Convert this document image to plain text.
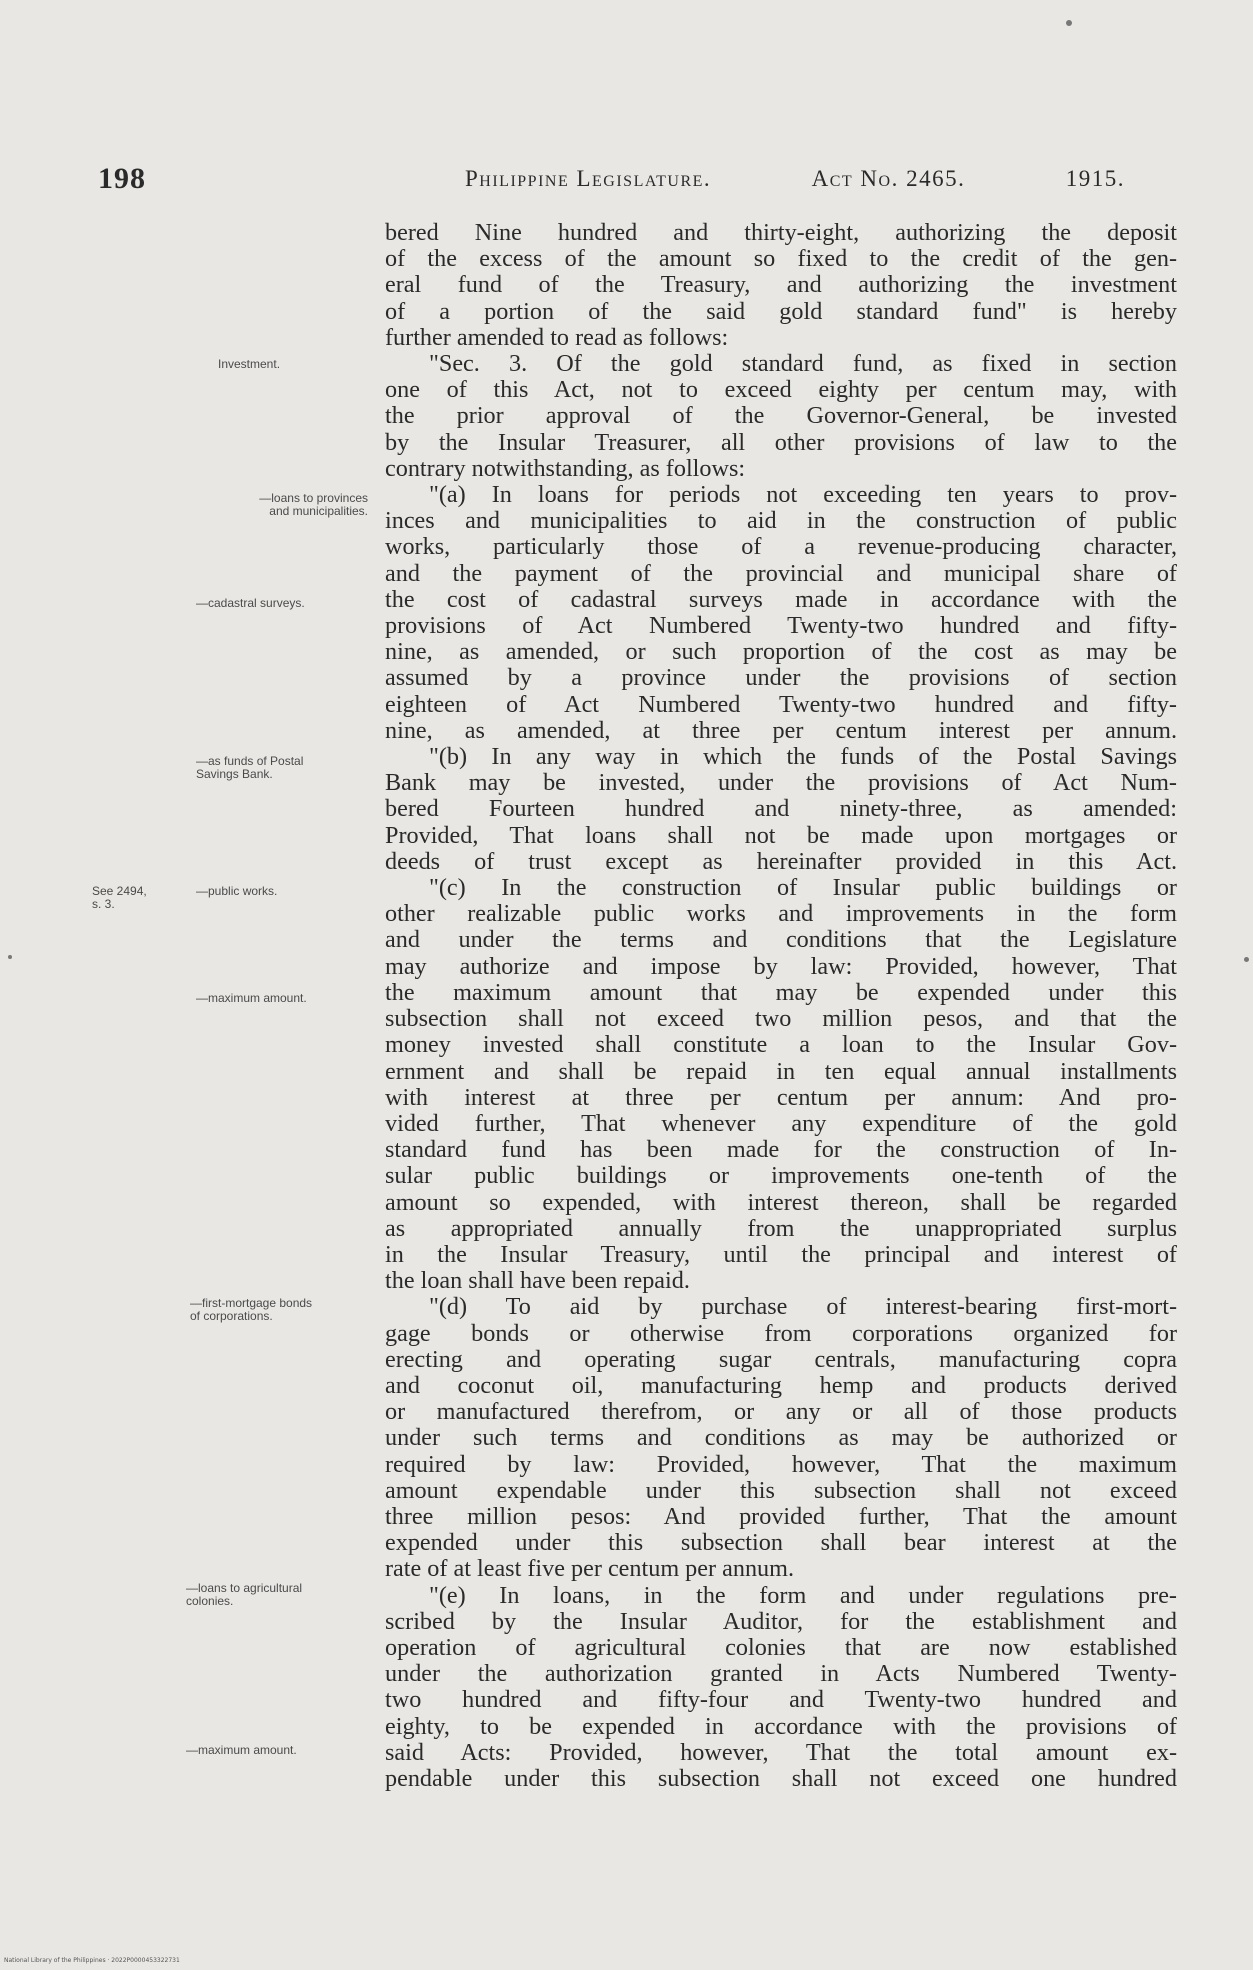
198	Philippine Legislature.	Act No. 2465.	1915.
bered Nine hundred and thirty-eight, authorizing the deposit
of the excess of the amount so fixed to the credit of the gen-
eral fund of the Treasury, and authorizing the investment
of a portion of the said gold standard fund" is hereby
further amended to read as follows:
"Sec. 3. Of the gold standard fund, as fixed in section
one of this Act, not to exceed eighty per centum may, with
the prior approval of the Governor-General, be invested
by the Insular Treasurer, all other provisions of law to the
contrary notwithstanding, as follows:
"(a) In loans for periods not exceeding ten years to prov-
inces and municipalities to aid in the construction of public
works, particularly those of a revenue-producing character,
and the payment of the provincial and municipal share of
the cost of cadastral surveys made in accordance with the
provisions of Act Numbered Twenty-two hundred and fifty-
nine, as amended, or such proportion of the cost as may be
assumed by a province under the provisions of section
eighteen of Act Numbered Twenty-two hundred and fifty-
nine, as amended, at three per centum interest per annum.
"(b) In any way in which the funds of the Postal Savings
Bank may be invested, under the provisions of Act Num-
bered Fourteen hundred and ninety-three, as amended:
Provided, That loans shall not be made upon mortgages or
deeds of trust except as hereinafter provided in this Act.
"(c) In the construction of Insular public buildings or
other realizable public works and improvements in the form
and under the terms and conditions that the Legislature
may authorize and impose by law: Provided, however, That
the maximum amount that may be expended under this
subsection shall not exceed two million pesos, and that the
money invested shall constitute a loan to the Insular Gov-
ernment and shall be repaid in ten equal annual installments
with interest at three per centum per annum: And pro-
vided further, That whenever any expenditure of the gold
standard fund has been made for the construction of In-
sular public buildings or improvements one-tenth of the
amount so expended, with interest thereon, shall be regarded
as appropriated annually from the unappropriated surplus
in the Insular Treasury, until the principal and interest of
the loan shall have been repaid.
"(d) To aid by purchase of interest-bearing first-mort-
gage bonds or otherwise from corporations organized for
erecting and operating sugar centrals, manufacturing copra
and coconut oil, manufacturing hemp and products derived
or manufactured therefrom, or any or all of those products
under such terms and conditions as may be authorized or
required by law: Provided, however, That the maximum
amount expendable under this subsection shall not exceed
three million pesos: And provided further, That the amount
expended under this subsection shall bear interest at the
rate of at least five per centum per annum.
"(e) In loans, in the form and under regulations pre-
scribed by the Insular Auditor, for the establishment and
operation of agricultural colonies that are now established
under the authorization granted in Acts Numbered Twenty-
two hundred and fifty-four and Twenty-two hundred and
eighty, to be expended in accordance with the provisions of
said Acts: Provided, however, That the total amount ex-
pendable under this subsection shall not exceed one hundred
Investment.
—loans to provinces
and municipalities.
—cadastral surveys.
—as funds of Postal
Savings Bank.
See 2494,
s. 3.
—public works.
—maximum amount.
—first-mortgage bonds
of corporations.
—loans to agricultural
colonies.
—maximum amount.
National Library of the Philippines · 2022P0000453322731
